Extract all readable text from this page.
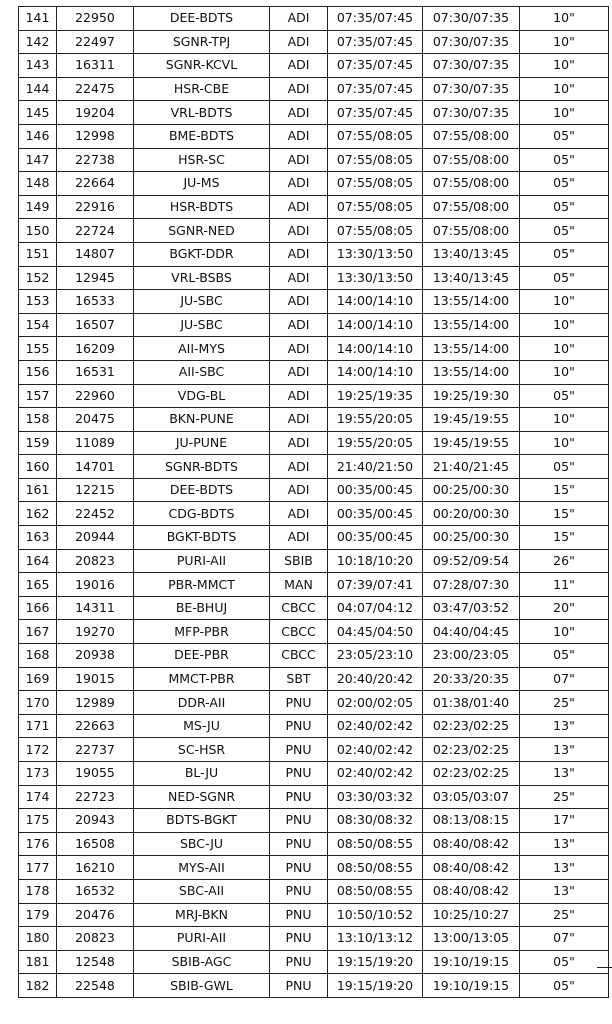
141	22950	DEE-BDTS	ADI	07:35/07:45	07:30/07:35	10"
142	22497	SGNR-TPJ	ADI	07:35/07:45	07:30/07:35	10"
143	16311	SGNR-KCVL	ADI	07:35/07:45	07:30/07:35	10"
144	22475	HSR-CBE	ADI	07:35/07:45	07:30/07:35	10"
145	19204	VRL-BDTS	ADI	07:35/07:45	07:30/07:35	10"
146	12998	BME-BDTS	ADI	07:55/08:05	07:55/08:00	05"
147	22738	HSR-SC	ADI	07:55/08:05	07:55/08:00	05"
148	22664	JU-MS	ADI	07:55/08:05	07:55/08:00	05"
149	22916	HSR-BDTS	ADI	07:55/08:05	07:55/08:00	05"
150	22724	SGNR-NED	ADI	07:55/08:05	07:55/08:00	05"
151	14807	BGKT-DDR	ADI	13:30/13:50	13:40/13:45	05"
152	12945	VRL-BSBS	ADI	13:30/13:50	13:40/13:45	05"
153	16533	JU-SBC	ADI	14:00/14:10	13:55/14:00	10"
154	16507	JU-SBC	ADI	14:00/14:10	13:55/14:00	10"
155	16209	AII-MYS	ADI	14:00/14:10	13:55/14:00	10"
156	16531	AII-SBC	ADI	14:00/14:10	13:55/14:00	10"
157	22960	VDG-BL	ADI	19:25/19:35	19:25/19:30	05"
158	20475	BKN-PUNE	ADI	19:55/20:05	19:45/19:55	10"
159	11089	JU-PUNE	ADI	19:55/20:05	19:45/19:55	10"
160	14701	SGNR-BDTS	ADI	21:40/21:50	21:40/21:45	05"
161	12215	DEE-BDTS	ADI	00:35/00:45	00:25/00:30	15"
162	22452	CDG-BDTS	ADI	00:35/00:45	00:20/00:30	15"
163	20944	BGKT-BDTS	ADI	00:35/00:45	00:25/00:30	15"
164	20823	PURI-AII	SBIB	10:18/10:20	09:52/09:54	26"
165	19016	PBR-MMCT	MAN	07:39/07:41	07:28/07:30	11"
166	14311	BE-BHUJ	CBCC	04:07/04:12	03:47/03:52	20"
167	19270	MFP-PBR	CBCC	04:45/04:50	04:40/04:45	10"
168	20938	DEE-PBR	CBCC	23:05/23:10	23:00/23:05	05"
169	19015	MMCT-PBR	SBT	20:40/20:42	20:33/20:35	07"
170	12989	DDR-AII	PNU	02:00/02:05	01:38/01:40	25"
171	22663	MS-JU	PNU	02:40/02:42	02:23/02:25	13"
172	22737	SC-HSR	PNU	02:40/02:42	02:23/02:25	13"
173	19055	BL-JU	PNU	02:40/02:42	02:23/02:25	13"
174	22723	NED-SGNR	PNU	03:30/03:32	03:05/03:07	25"
175	20943	BDTS-BGKT	PNU	08:30/08:32	08:13/08:15	17"
176	16508	SBC-JU	PNU	08:50/08:55	08:40/08:42	13"
177	16210	MYS-AII	PNU	08:50/08:55	08:40/08:42	13"
178	16532	SBC-AII	PNU	08:50/08:55	08:40/08:42	13"
179	20476	MRJ-BKN	PNU	10:50/10:52	10:25/10:27	25"
180	20823	PURI-AII	PNU	13:10/13:12	13:00/13:05	07"
181	12548	SBIB-AGC	PNU	19:15/19:20	19:10/19:15	05"
182	22548	SBIB-GWL	PNU	19:15/19:20	19:10/19:15	05"
